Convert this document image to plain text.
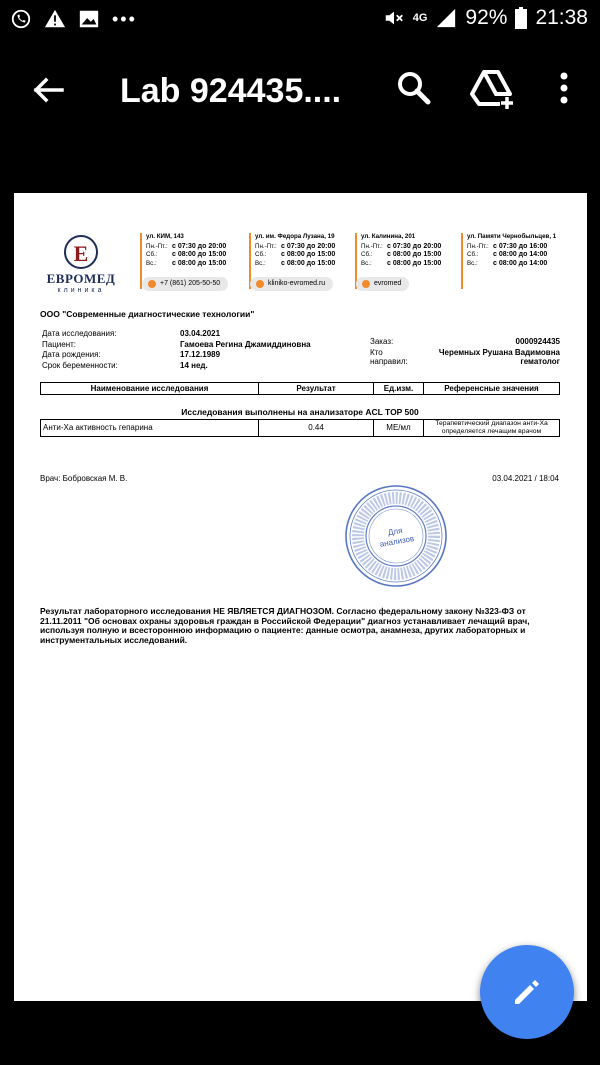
•••	4G 92% 21:38
Lab 924435....
Е
ЕВРОМЕД
клиника
ул. КИМ, 143
Пн.-Пт.: с 07:30 до 20:00
Сб.:	с 08:00 до 15:00
Вс.:	с 08:00 до 15:00
ул. им. Федора Лузана, 19
Пн.-Пт.: с 07:30 до 20:00
Сб.:	с 08:00 до 15:00
Вс.:	с 08:00 до 15:00
ул. Калинина, 201
Пн.-Пт.: с 07:30 до 20:00
Сб.:	с 08:00 до 15:00
Вс.:	с 08:00 до 15:00
ул. Памяти Чернобыльцев, 1
Пн.-Пт.: с 07:30 до 16:00
Сб.:	с 08:00 до 14:00
Вс.:	с 08:00 до 14:00
+7 (861) 205-50-50	kliniko-evromed.ru	evromed
ООО "Современные диагностические технологии"
Дата исследования:	03.04.2021
Пациент:	Гамоева Регина Джамиддиновна
Дата рождения:	17.12.1989
Срок беременности:	14 нед.
Заказ:	0000924435
Кто
направил:
Черемных Рушана Вадимовна
гематолог
Наименование исследования	Результат	Ед.изм.	Референсные значения
Исследования выполнены на анализаторе ACL TOP 500
Анти-Ха активность гепарина	0.44	МЕ/мл	Терапевтический диапазон анти-Ха
определяется лечащим врачом
Врач: Бобровская М. В.	03.04.2021 / 18:04
Для
анализов
Результат лабораторного исследования НЕ ЯВЛЯЕТСЯ ДИАГНОЗОМ. Согласно федеральному закону №323-ФЗ от 21.11.2011 "Об основах охраны здоровья граждан в Российской Федерации" диагноз устанавливает лечащий врач, используя полную и всестороннюю информацию о пациенте: данные осмотра, анамнеза, других лабораторных и инструментальных исследований.
